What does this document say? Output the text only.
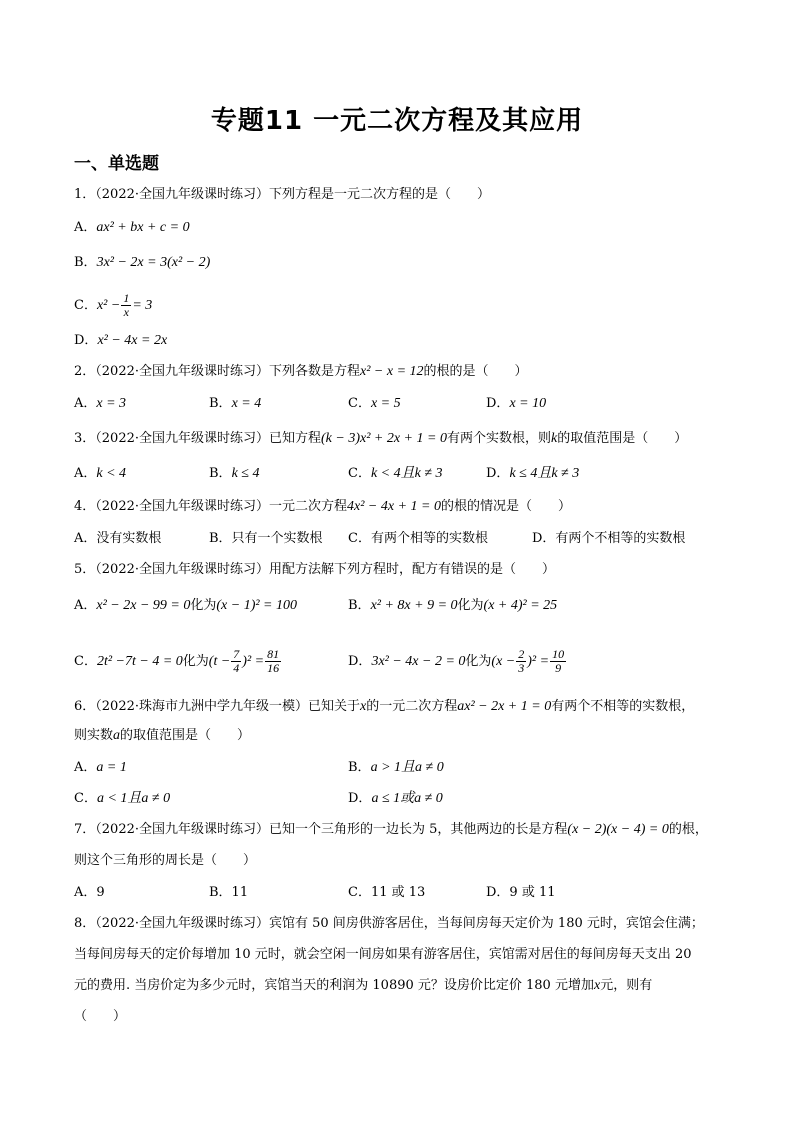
专题11 一元二次方程及其应用
一、单选题
1．（2022·全国九年级课时练习）下列方程是一元二次方程的是（　　）
A．ax² + bx + c = 0
B．3x² − 2x = 3(x² − 2)
C．$x^2 - \frac{1}{x} = 3$
D．x² − 4x = 2x
2．（2022·全国九年级课时练习）下列各数是方程x² − x = 12的根的是（　　）
A．x = 3	B．x = 4	C．x = 5	D．x = 10
3．（2022·全国九年级课时练习）已知方程(k − 3)x² + 2x + 1 = 0有两个实数根，则k的取值范围是（　　）
A．k < 4	B．k ≤ 4	C．k < 4且k ≠ 3	D．k ≤ 4且k ≠ 3
4．（2022·全国九年级课时练习）一元二次方程4x² − 4x + 1 = 0的根的情况是（　　）
A．没有实数根	B．只有一个实数根 C．有两个相等的实数根	D．有两个不相等的实数根
5．（2022·全国九年级课时练习）用配方法解下列方程时，配方有错误的是（　　）
A．x² − 2x − 99 = 0化为(x − 1)² = 100	B．x² + 8x + 9 = 0化为(x + 4)² = 25
C．2t² −7t − 4 = 0化为$(t - \frac{7}{4} )^2 = \frac{81}{16}$	D．3x² − 4x − 2 = 0化为$(x - \frac{2}{3} )^2 = \frac{10}{9}$
6．（2022·珠海市九洲中学九年级一模）已知关于x的一元二次方程ax² − 2x + 1 = 0有两个不相等的实数根，
则实数a的取值范围是（　　）
A．a = 1	B．a > 1且a ≠ 0
C．a < 1且a ≠ 0	D．a ≤ 1或a ≠ 0
7．（2022·全国九年级课时练习）已知一个三角形的一边长为 5，其他两边的长是方程(x − 2)(x − 4) = 0的根，
则这个三角形的周长是（　　）
A．9	B．11	C．11 或 13	D．9 或 11
8．（2022·全国九年级课时练习）宾馆有 50 间房供游客居住，当每间房每天定价为 180 元时，宾馆会住满；
当每间房每天的定价每增加 10 元时，就会空闲一间房如果有游客居住，宾馆需对居住的每间房每天支出 20
元的费用. 当房价定为多少元时，宾馆当天的利润为 10890 元？设房价比定价 180 元增加x元，则有
（　　）
